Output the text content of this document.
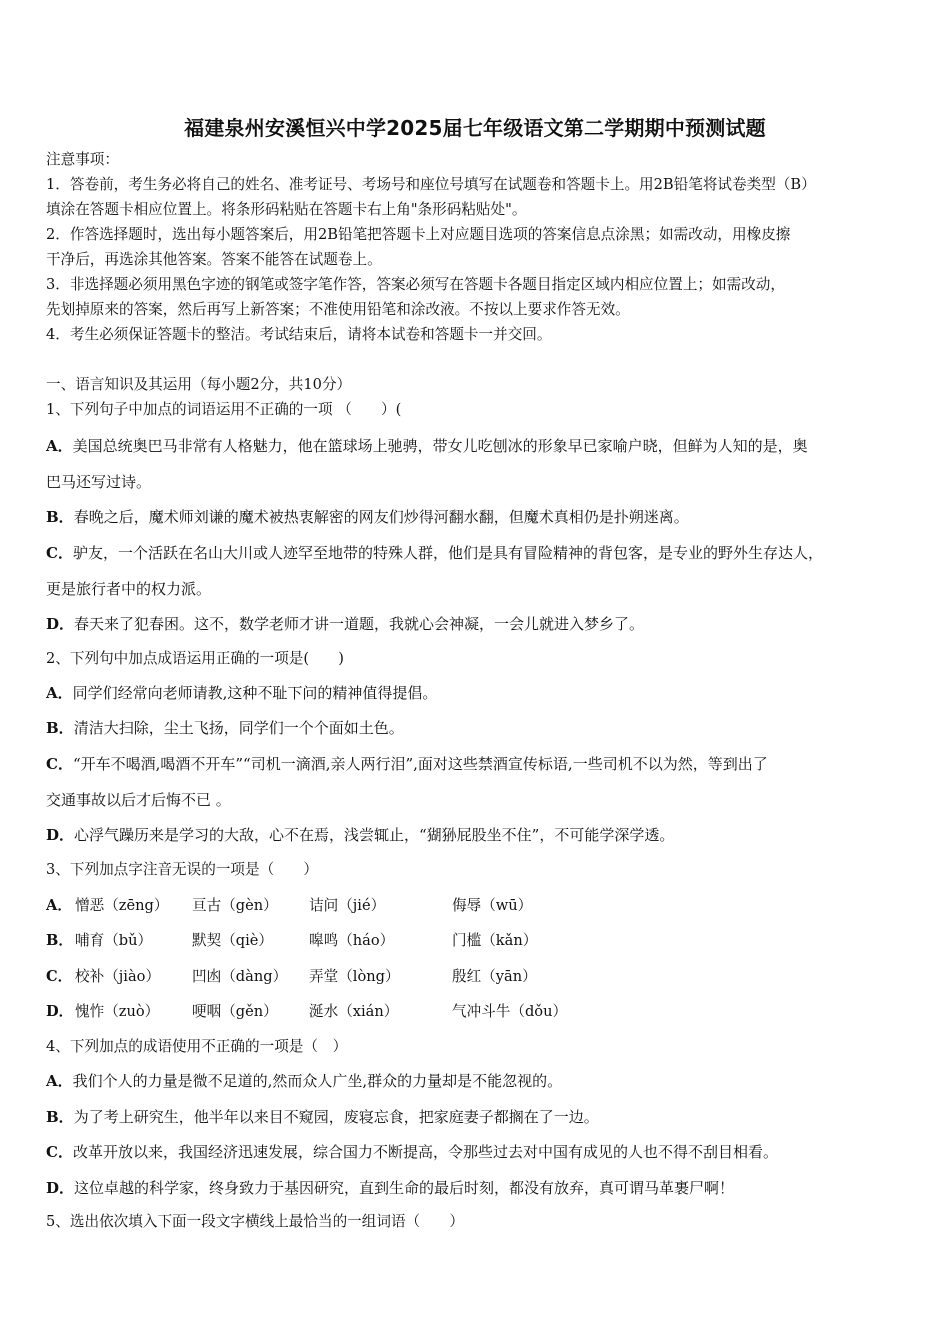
福建泉州安溪恒兴中学2025届七年级语文第二学期期中预测试题
注意事项：
1．答卷前，考生务必将自己的姓名、准考证号、考场号和座位号填写在试题卷和答题卡上。用2B铅笔将试卷类型（B）
填涂在答题卡相应位置上。将条形码粘贴在答题卡右上角"条形码粘贴处"。
2．作答选择题时，选出每小题答案后，用2B铅笔把答题卡上对应题目选项的答案信息点涂黑；如需改动，用橡皮擦
干净后，再选涂其他答案。答案不能答在试题卷上。
3．非选择题必须用黑色字迹的钢笔或签字笔作答，答案必须写在答题卡各题目指定区域内相应位置上；如需改动，
先划掉原来的答案，然后再写上新答案；不准使用铅笔和涂改液。不按以上要求作答无效。
4．考生必须保证答题卡的整洁。考试结束后，请将本试卷和答题卡一并交回。
一、语言知识及其运用（每小题2分，共10分）
1、下列句子中加点的词语运用不正确的一项 （　　）(
A．美国总统奥巴马非常有人格魅力，他在篮球场上驰骋，带女儿吃刨冰的形象早已家喻户晓，但鲜为人知的是，奥
巴马还写过诗。
B．春晚之后，魔术师刘谦的魔术被热衷解密的网友们炒得河翻水翻，但魔术真相仍是扑朔迷离。
C．驴友，一个活跃在名山大川或人迹罕至地带的特殊人群，他们是具有冒险精神的背包客，是专业的野外生存达人，
更是旅行者中的权力派。
D．春天来了犯春困。这不，数学老师才讲一道题，我就心会神凝，一会儿就进入梦乡了。
2、下列句中加点成语运用正确的一项是(　　)
A．同学们经常向老师请教,这种不耻下问的精神值得提倡。
B．清洁大扫除，尘土飞扬，同学们一个个面如土色。
C．“开车不喝酒,喝酒不开车”“司机一滴酒,亲人两行泪”,面对这些禁酒宣传标语,一些司机不以为然，等到出了
交通事故以后才后悔不已 。
D．心浮气躁历来是学习的大敌，心不在焉，浅尝辄止，“猢狲屁股坐不住”，不可能学深学透。
3、下列加点字注音无误的一项是（　　）
A． 憎恶（zēng） 亘古（gèn） 诘问（jié）	侮辱（wū）
B． 哺育（bǔ）	默契（qiè） 嗥鸣（háo）	门槛（kǎn）
C． 校补（jiào） 凹凼（dàng） 弄堂（lòng）	殷红（yān）
D． 愧怍（zuò） 哽咽（gěn） 涎水（xián）	气冲斗牛（dǒu）
4、下列加点的成语使用不正确的一项是（　）
A．我们个人的力量是微不足道的,然而众人广坐,群众的力量却是不能忽视的。
B．为了考上研究生，他半年以来目不窥园，废寝忘食，把家庭妻子都搁在了一边。
C．改革开放以来，我国经济迅速发展，综合国力不断提高，令那些过去对中国有成见的人也不得不刮目相看。
D．这位卓越的科学家，终身致力于基因研究，直到生命的最后时刻，都没有放弃，真可谓马革裹尸啊！
5、选出依次填入下面一段文字横线上最恰当的一组词语（　　）
